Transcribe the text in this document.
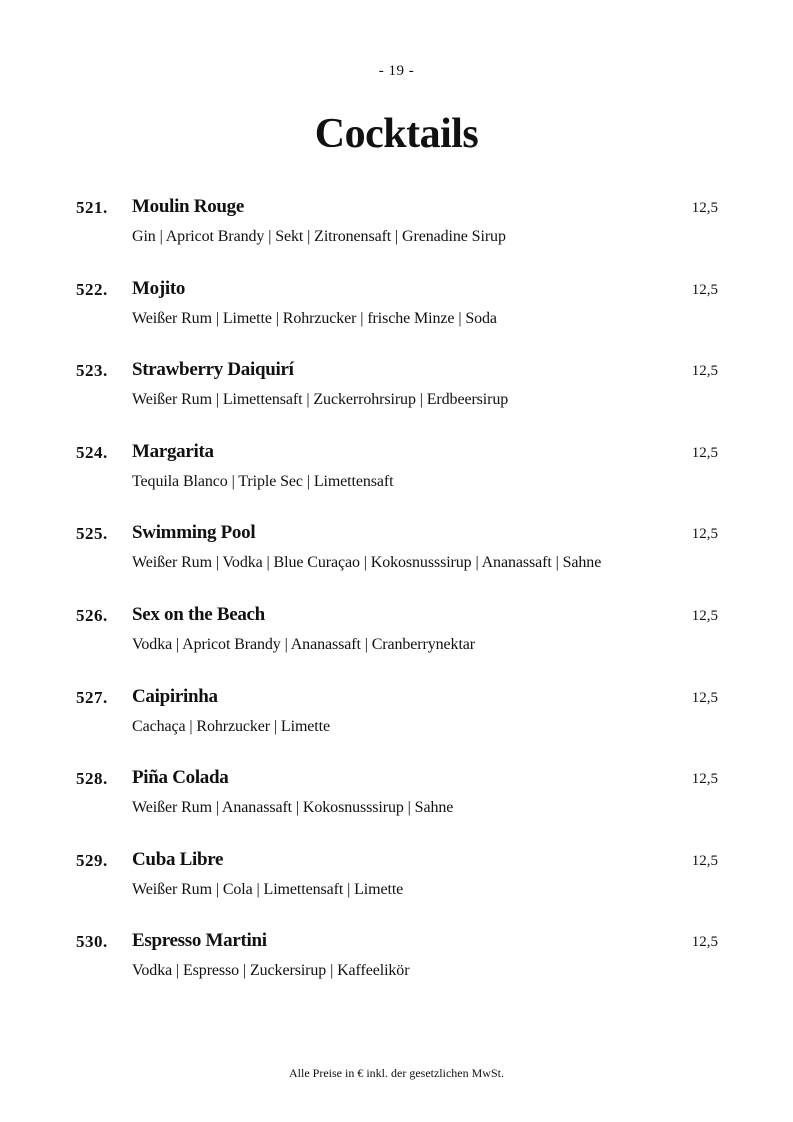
- 19 -
Cocktails
521. Moulin Rouge	12,5
Gin | Apricot Brandy | Sekt | Zitronensaft | Grenadine Sirup
522. Mojito	12,5
Weißer Rum | Limette | Rohrzucker | frische Minze | Soda
523. Strawberry Daiquirí	12,5
Weißer Rum | Limettensaft | Zuckerrohrsirup | Erdbeersirup
524. Margarita	12,5
Tequila Blanco | Triple Sec | Limettensaft
525. Swimming Pool	12,5
Weißer Rum | Vodka | Blue Curaçao | Kokosnusssirup | Ananassaft | Sahne
526. Sex on the Beach	12,5
Vodka | Apricot Brandy | Ananassaft | Cranberrynektar
527. Caipirinha	12,5
Cachaça | Rohrzucker | Limette
528. Piña Colada	12,5
Weißer Rum | Ananassaft | Kokosnusssirup | Sahne
529. Cuba Libre	12,5
Weißer Rum | Cola | Limettensaft | Limette
530. Espresso Martini	12,5
Vodka | Espresso | Zuckersirup | Kaffeelikör
Alle Preise in € inkl. der gesetzlichen MwSt.
